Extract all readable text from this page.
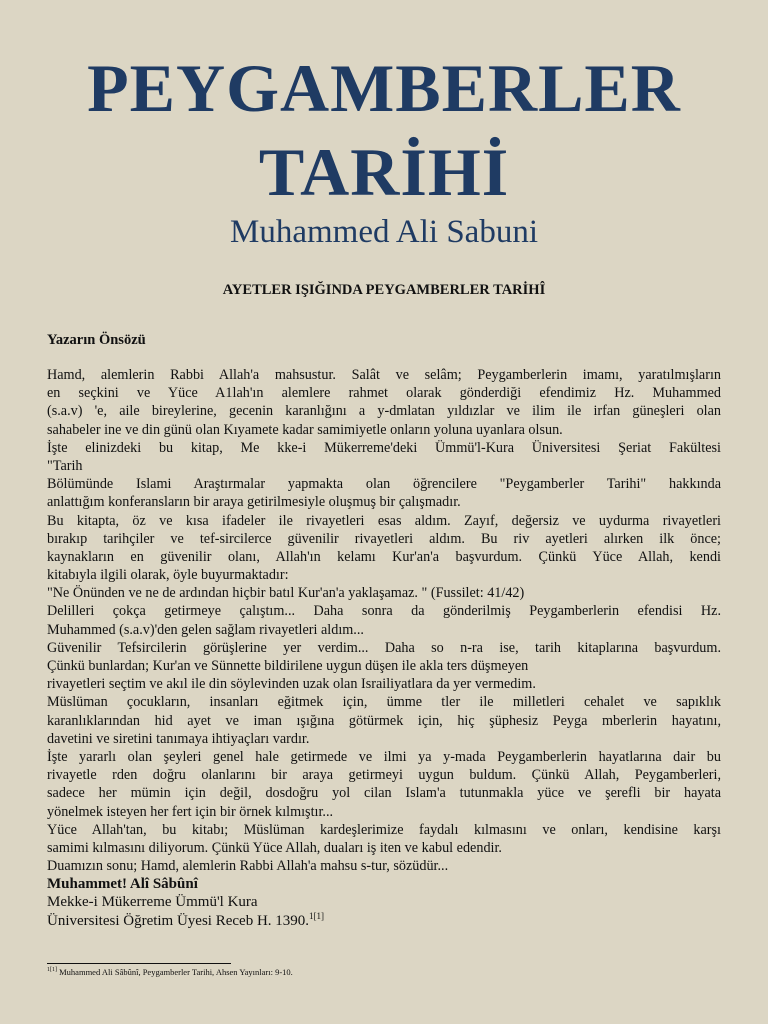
PEYGAMBERLER
TARİHİ
Muhammed Ali Sabuni
AYETLER IŞIĞINDA PEYGAMBERLER TARİHÎ
Yazarın Önsözü
Hamd, alemlerin Rabbi Allah'a mahsustur. Salât ve selâm; Peygamberlerin imamı, yaratılmışların
en seçkini ve Yüce A1lah'ın alemlere rahmet olarak gönderdiği efendimiz Hz. Muhammed
(s.a.v) 'e, aile bireylerine, gecenin karanlığını a y-dmlatan yıldızlar ve ilim ile irfan güneşleri olan
sahabeler ine ve din günü olan Kıyamete kadar samimiyetle onların yoluna uyanlara olsun.
İşte elinizdeki bu kitap, Me kke-i Mükerreme'deki Ümmü'l-Kura Üniversitesi Şeriat Fakültesi
"Tarih
Bölümünde Islami Araştırmalar yapmakta olan öğrencilere "Peygamberler Tarihi" hakkında
anlattığım konferansların bir araya getirilmesiyle oluşmuş bir çalışmadır.
Bu kitapta, öz ve kısa ifadeler ile rivayetleri esas aldım. Zayıf, değersiz ve uydurma rivayetleri
bırakıp tarihçiler ve tef-sircilerce güvenilir rivayetleri aldım. Bu riv ayetleri alırken ilk önce;
kaynakların en güvenilir olanı, Allah'ın kelamı Kur'an'a başvurdum. Çünkü Yüce Allah, kendi
kitabıyla ilgili olarak, öyle buyurmaktadır:
"Ne Önünden ve ne de ardından hiçbir batıl Kur'an'a yaklaşamaz. " (Fussilet: 41/42)
Delilleri çokça getirmeye çalıştım... Daha sonra da gönderilmiş Peygamberlerin efendisi Hz.
Muhammed (s.a.v)'den gelen sağlam rivayetleri aldım...
Güvenilir Tefsircilerin görüşlerine yer verdim... Daha so n-ra ise, tarih kitaplarına başvurdum.
Çünkü bunlardan; Kur'an ve Sünnette bildirilene uygun düşen ile akla ters düşmeyen
rivayetleri seçtim ve akıl ile din söylevinden uzak olan Israiliyatlara da yer vermedim.
Müslüman çocukların, insanları eğitmek için, ümme tler ile milletleri cehalet ve sapıklık
karanlıklarından hid ayet ve iman ışığına götürmek için, hiç şüphesiz Peyga mberlerin hayatını,
davetini ve siretini tanımaya ihtiyaçları vardır.
İşte yararlı olan şeyleri genel hale getirmede ve ilmi ya y-mada Peygamberlerin hayatlarına dair bu
rivayetle rden doğru olanlarını bir araya getirmeyi uygun buldum. Çünkü Allah, Peygamberleri,
sadece her mümin için değil, dosdoğru yol cilan Islam'a tutunmakla yüce ve şerefli bir hayata
yönelmek isteyen her fert için bir örnek kılmıştır...
Yüce Allah'tan, bu kitabı; Müslüman kardeşlerimize faydalı kılmasını ve onları, kendisine karşı
samimi kılmasını diliyorum. Çünkü Yüce Allah, duaları iş iten ve kabul edendir.
Duamızın sonu; Hamd, alemlerin Rabbi Allah'a mahsu s-tur, sözüdür...
Muhammet! Alî Sâbûnî
Mekke-i Mükerreme Ümmü'l Kura
Üniversitesi Öğretim Üyesi Receb H. 1390.$^{1[1]}$
$^{1[1]}$ Muhammed Ali Sâbûnî, Peygamberler Tarihi, Ahsen Yayınları: 9-10.
